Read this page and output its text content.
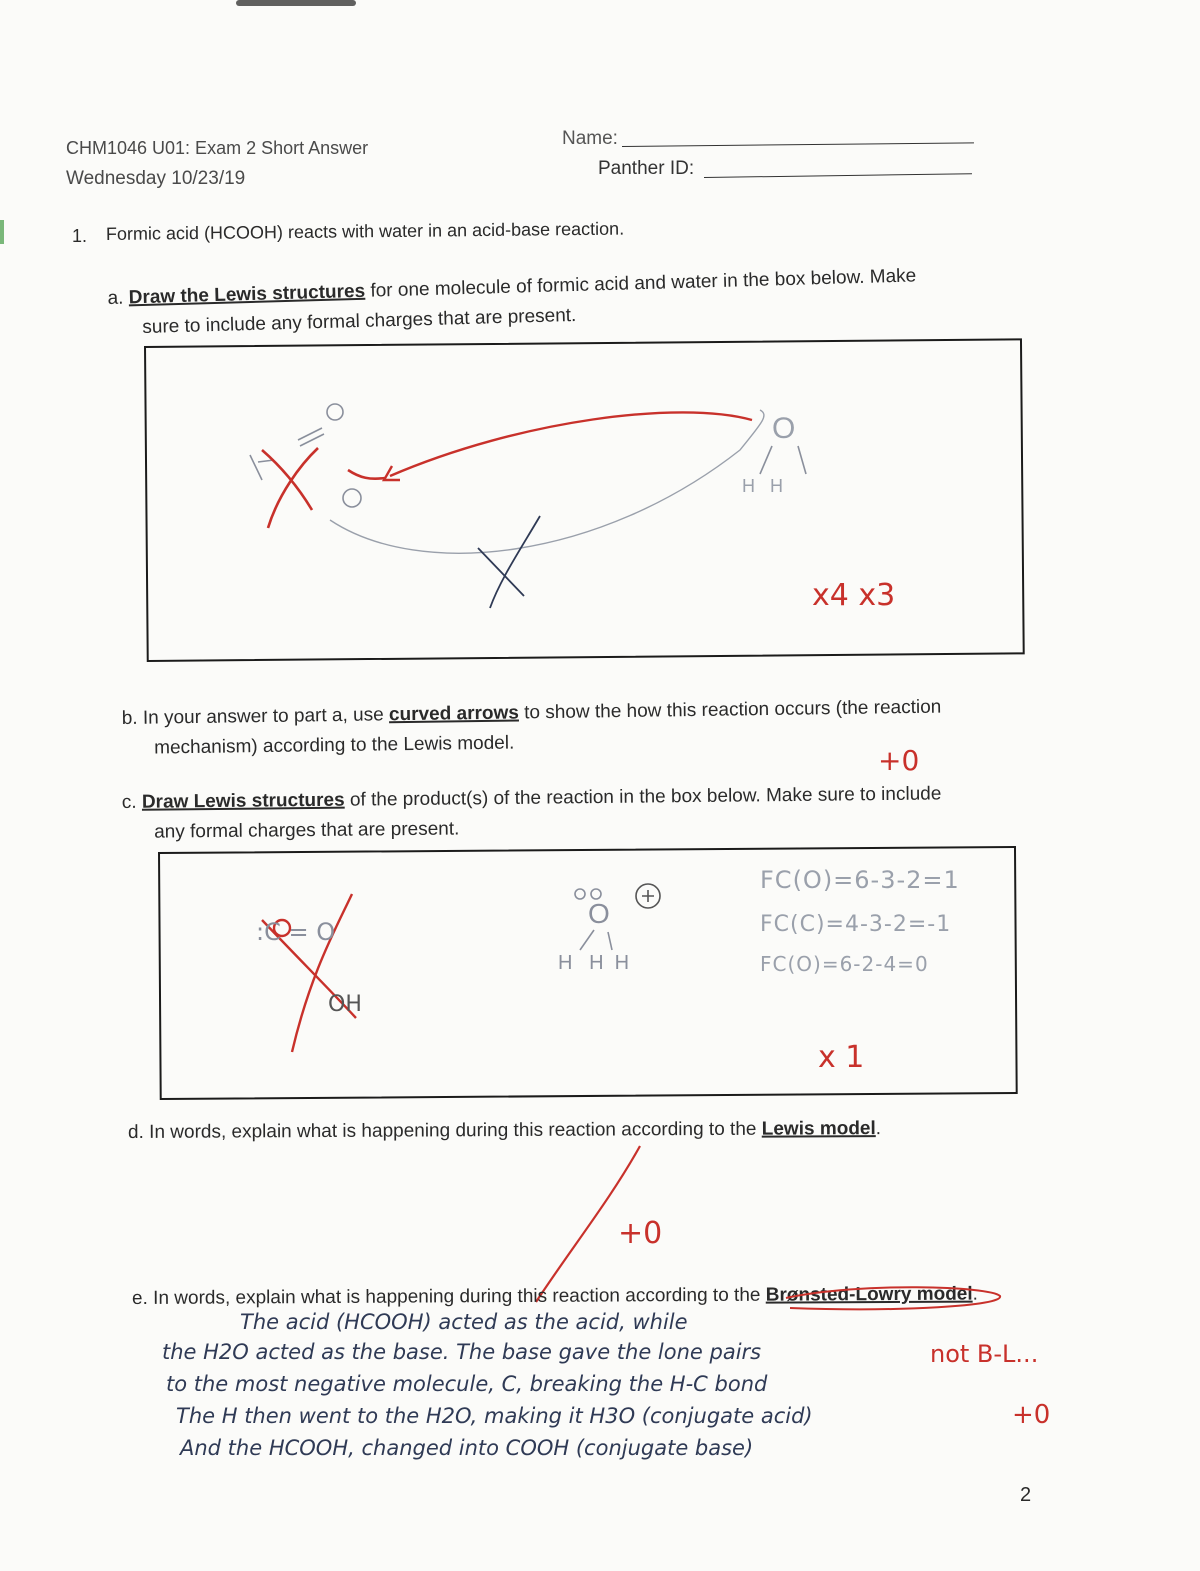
CHM1046 U01: Exam 2 Short Answer
Wednesday 10/23/19
Name:
Panther ID:
1. Formic acid (HCOOH) reacts with water in an acid-base reaction.
a. Draw the Lewis structures for one molecule of formic acid and water in the box below. Make
sure to include any formal charges that are present.
O
H   H
x4 x3
b. In your answer to part a, use curved arrows to show the how this reaction occurs (the reaction
mechanism) according to the Lewis model.	+0
c. Draw Lewis structures of the product(s) of the reaction in the box below. Make sure to include
any formal charges that are present.
:C = O
OH
O
H   H  H
FC(O)=6-3-2=1
FC(C)=4-3-2=-1
FC(O)=6-2-4=0
x 1
d. In words, explain what is happening during this reaction according to the Lewis model.
+0
e. In words, explain what is happening during this reaction according to the Brønsted-Lowry model.
The acid (HCOOH) acted as the acid, while
the H2O acted as the base. The base gave the lone pairs
to the most negative molecule, C, breaking the H-C bond
The H then went to the H2O, making it H3O (conjugate acid)
And the HCOOH, changed into COOH (conjugate base)
not B-L...
+0
2
